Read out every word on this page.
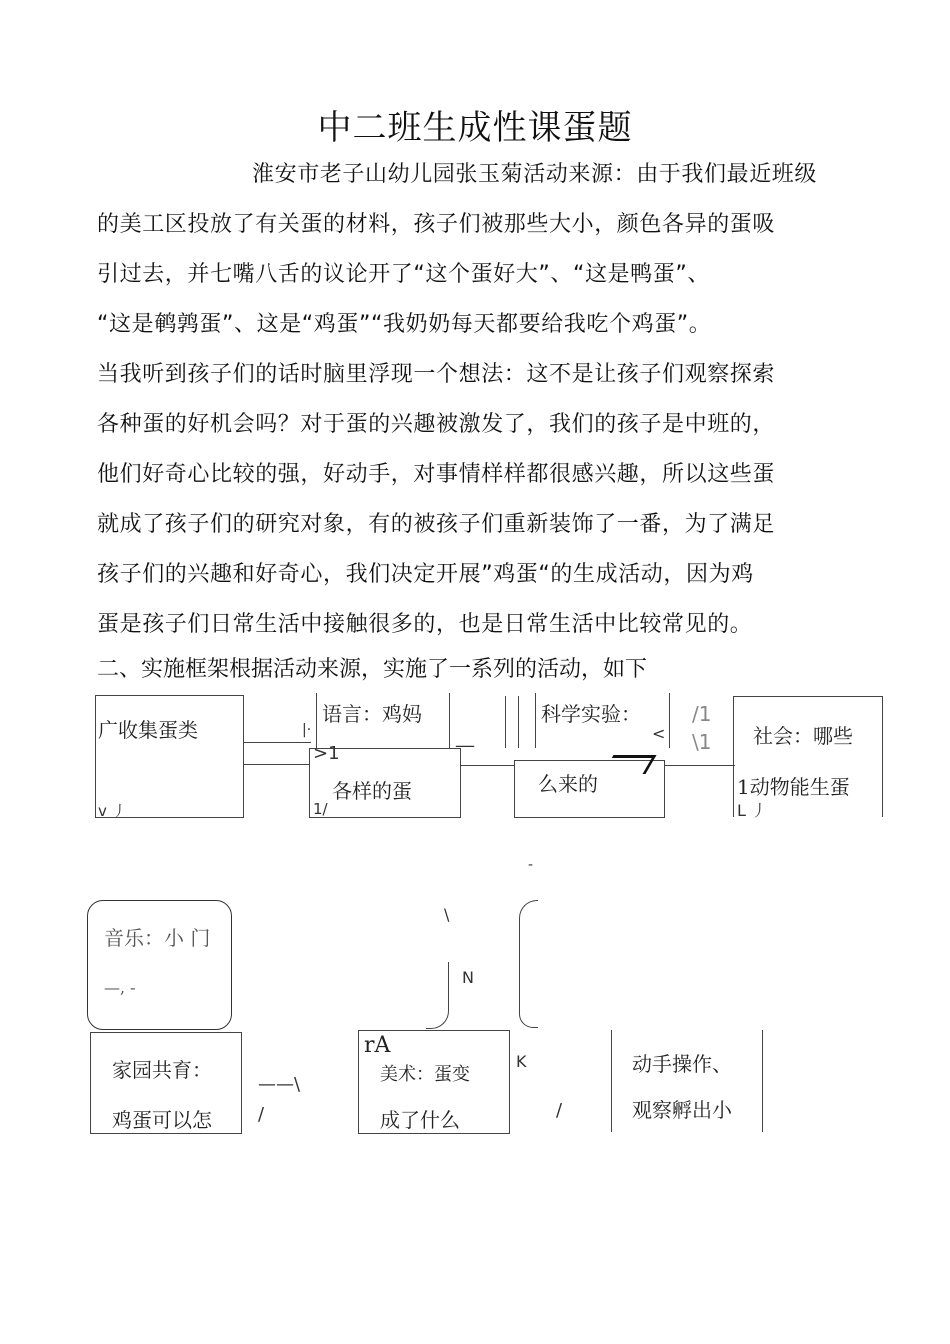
中二班生成性课蛋题
淮安市老子山幼儿园张玉菊活动来源：由于我们最近班级
的美工区投放了有关蛋的材料，孩子们被那些大小，颜色各异的蛋吸
引过去，并七嘴八舌的议论开了“这个蛋好大”、“这是鸭蛋”、
“这是鹌鹑蛋”、这是“鸡蛋”“我奶奶每天都要给我吃个鸡蛋”。
当我听到孩子们的话时脑里浮现一个想法：这不是让孩子们观察探索
各种蛋的好机会吗？对于蛋的兴趣被激发了，我们的孩子是中班的，
他们好奇心比较的强，好动手，对事情样样都很感兴趣，所以这些蛋
就成了孩子们的研究对象，有的被孩子们重新装饰了一番，为了满足
孩子们的兴趣和好奇心，我们决定开展”鸡蛋“的生成活动，因为鸡
蛋是孩子们日常生活中接触很多的，也是日常生活中比较常见的。
二、实施框架根据活动来源，实施了一系列的活动，如下
广收集蛋类
v 丿
语言：鸡妈
各样的蛋
>1
1/
|·	__
科学实验：
么来的
<
/1
\1 社会：哪些
1动物能生蛋
L 丿
-
\
N
音乐：小 门
—, -
家园共育：
鸡蛋可以怎
——\
/
rA
成了什么
K
/
动手操作、
观察孵出小
